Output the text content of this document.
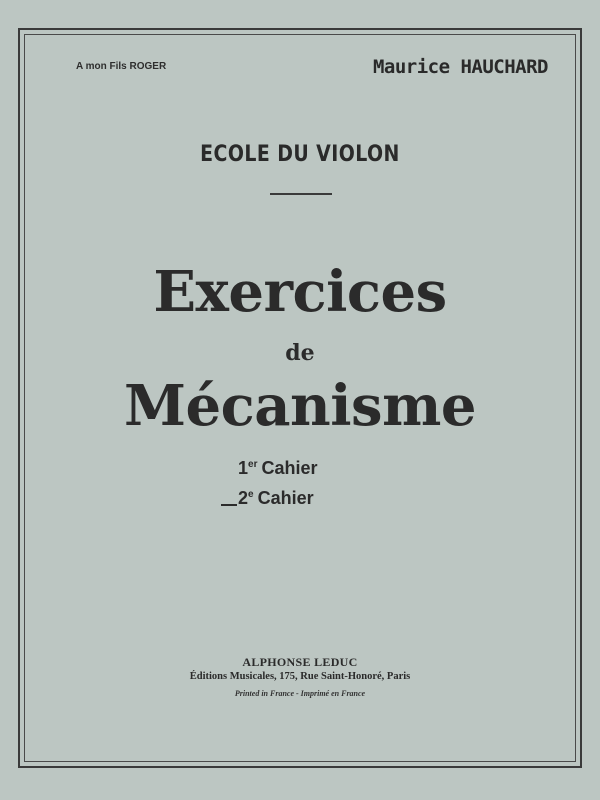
A mon Fils ROGER	Maurice HAUCHARD
ECOLE DU VIOLON
Exercices
de
Mécanisme
1er Cahier
2e Cahier
ALPHONSE LEDUC
Éditions Musicales, 175, Rue Saint-Honoré, Paris
Printed in France - Imprimé en France
